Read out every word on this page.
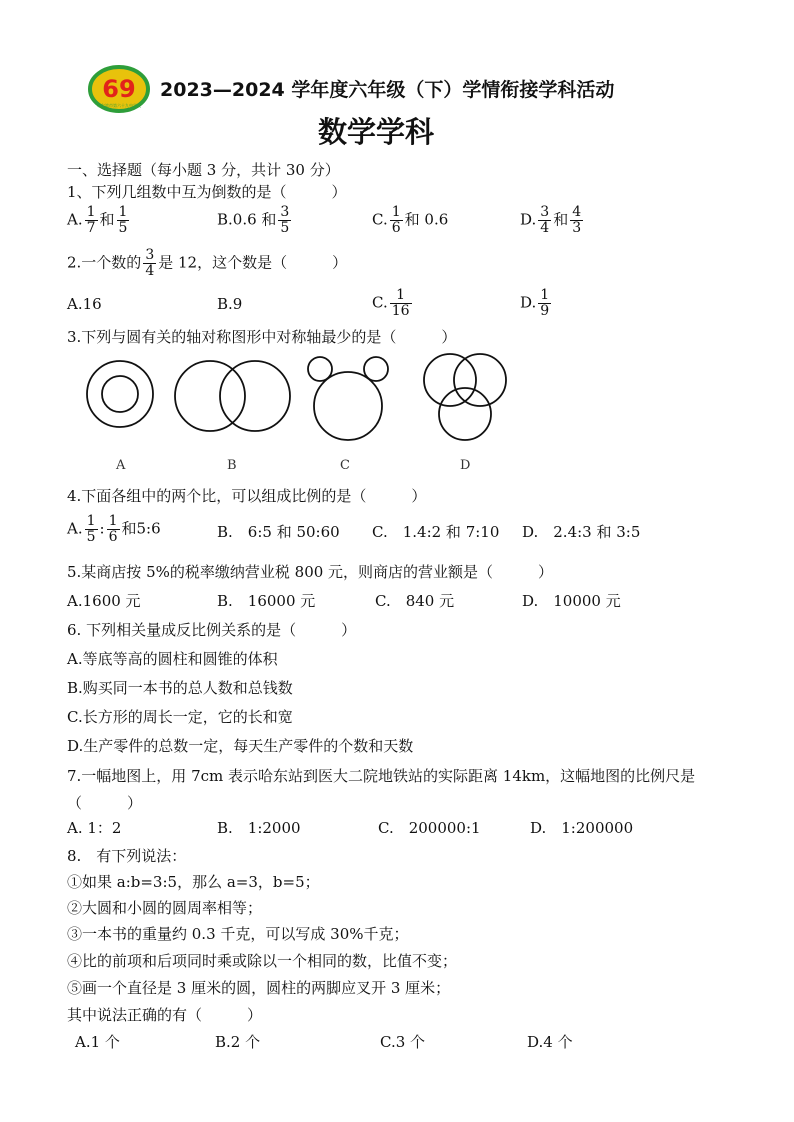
69
哈尔滨市第六十九中学校
2023—2024 学年度六年级（下）学情衔接学科活动
数学学科
一、选择题（每小题 3 分，共计 30 分）
1、下列几组数中互为倒数的是（　　　）
A. $\frac{1}{7}$ 和 $\frac{1}{5}$	B.0.6 和 $\frac{3}{5}$	C. $\frac{1}{6}$ 和 0.6	D. $\frac{3}{4}$ 和 $\frac{4}{3}$
2.一个数的 $\frac{3}{4}$ 是 12，这个数是（　　　）
A.16	B.9	C. $\frac{1}{16}$	D. $\frac{1}{9}$
3.下列与圆有关的轴对称图形中对称轴最少的是（　　　）
A	B	C	D
4.下面各组中的两个比，可以组成比例的是（　　　）
A. $\frac{1}{5}$ : $\frac{1}{6}$ 和5:6	B.　6:5 和 50:60 C.　1.4:2 和 7:10 D.　2.4:3 和 3:5
5.某商店按 5%的税率缴纳营业税 800 元，则商店的营业额是（　　　）
A.1600 元	B.　16000 元	C.　840 元	D.　10000 元
6. 下列相关量成反比例关系的是（　　　）
A.等底等高的圆柱和圆锥的体积
B.购买同一本书的总人数和总钱数
C.长方形的周长一定，它的长和宽
D.生产零件的总数一定，每天生产零件的个数和天数
7.一幅地图上，用 7cm 表示哈东站到医大二院地铁站的实际距离 14km，这幅地图的比例尺是
（　　　）
A. 1：2	B.　1:2000	C.　200000:1	D.　1:200000
8.　有下列说法：
①如果 a:b=3:5，那么 a=3，b=5；
②大圆和小圆的圆周率相等；
③一本书的重量约 0.3 千克，可以写成 30%千克；
④比的前项和后项同时乘或除以一个相同的数，比值不变；
⑤画一个直径是 3 厘米的圆，圆柱的两脚应叉开 3 厘米；
其中说法正确的有（　　　）
A.1 个	B.2 个	C.3 个	D.4 个
